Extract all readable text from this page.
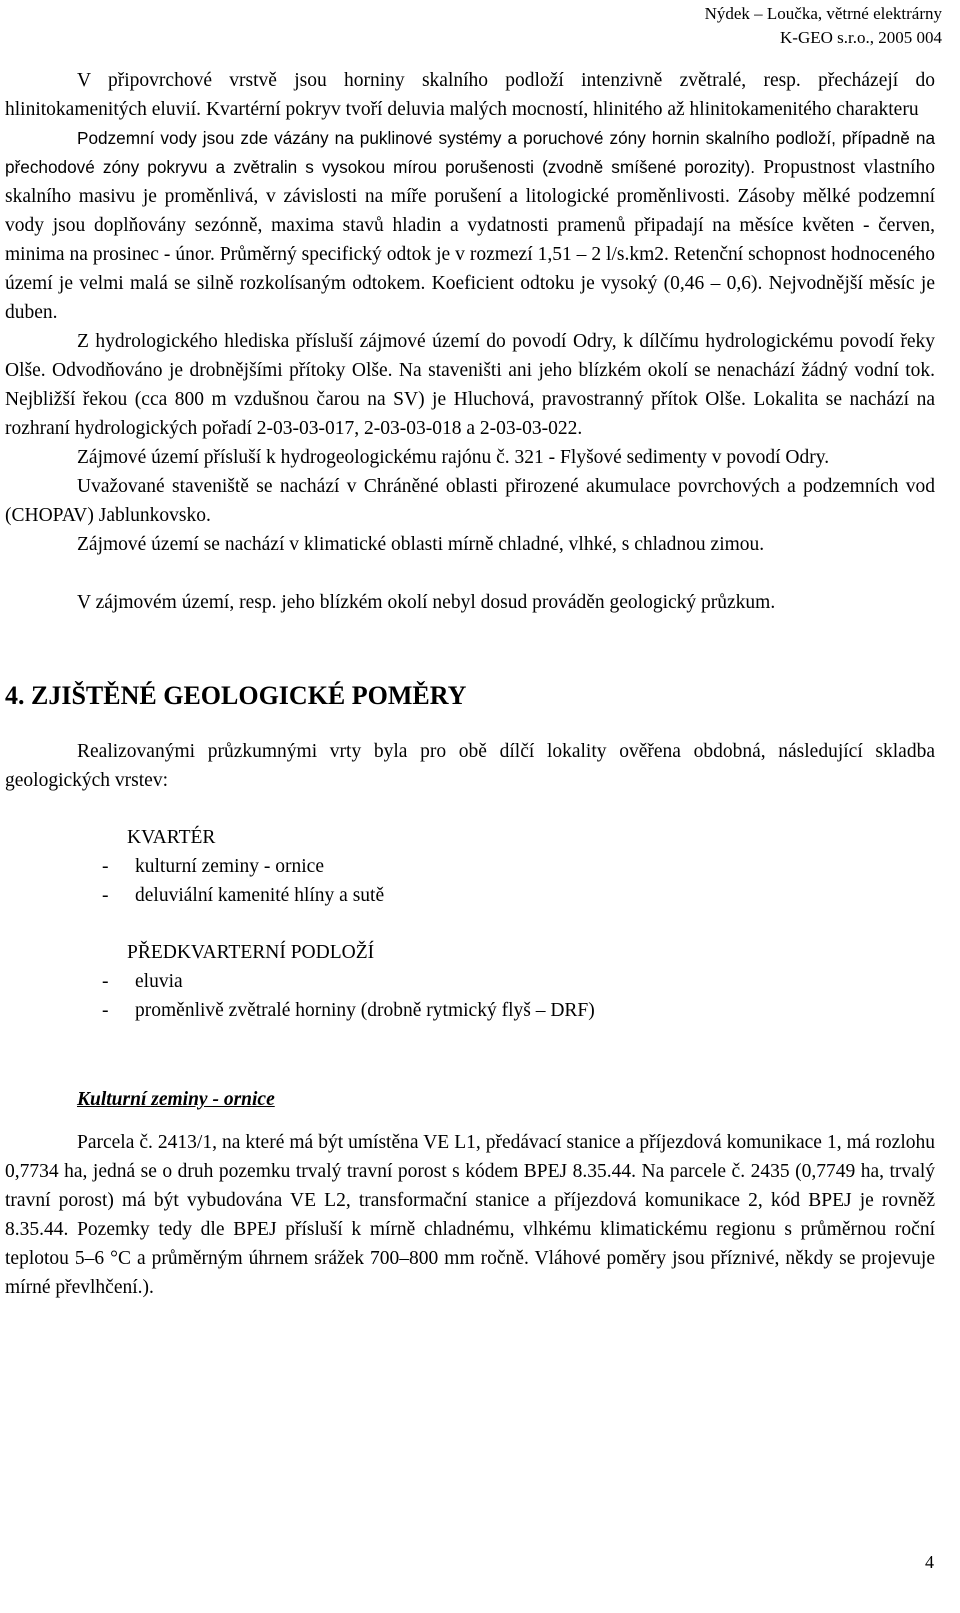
Nýdek – Loučka, větrné elektrárny
K-GEO s.r.o., 2005 004

V připovrchové vrstvě jsou horniny skalního podloží intenzivně zvětralé, resp. přecházejí do hlinitokamenitých eluvií. Kvartérní pokryv tvoří deluvia malých mocností, hlinitého až hlinitokamenitého charakteru

Podzemní vody jsou zde vázány na puklinové systémy a poruchové zóny hornin skalního podloží, případně na přechodové zóny pokryvu a zvětralin s vysokou mírou porušenosti (zvodně smíšené porozity). Propustnost vlastního skalního masivu je proměnlivá, v závislosti na míře porušení a litologické proměnlivosti. Zásoby mělké podzemní vody jsou doplňovány sezónně, maxima stavů hladin a vydatnosti pramenů připadají na měsíce květen - červen, minima na prosinec - únor. Průměrný specifický odtok je v rozmezí 1,51 – 2 l/s.km2. Retenční schopnost hodnoceného území je velmi malá se silně rozkolísaným odtokem. Koeficient odtoku je vysoký (0,46 – 0,6). Nejvodnější měsíc je duben.

Z hydrologického hlediska přísluší zájmové území do povodí Odry, k dílčímu hydrologickému povodí řeky Olše. Odvodňováno je drobnějšími přítoky Olše. Na staveništi ani jeho blízkém okolí se nenachází žádný vodní tok. Nejbližší řekou (cca 800 m vzdušnou čarou na SV) je Hluchová, pravostranný přítok Olše. Lokalita se nachází na rozhraní hydrologických pořadí 2-03-03-017, 2-03-03-018 a 2-03-03-022.

Zájmové území přísluší k hydrogeologickému rajónu č. 321 - Flyšové sedimenty v povodí Odry.

Uvažované staveniště se nachází v Chráněné oblasti přirozené akumulace povrchových a podzemních vod (CHOPAV) Jablunkovsko.

Zájmové území se nachází v klimatické oblasti mírně chladné, vlhké, s chladnou zimou.

V zájmovém území, resp. jeho blízkém okolí nebyl dosud prováděn geologický průzkum.

4. ZJIŠTĚNÉ GEOLOGICKÉ POMĚRY

Realizovanými průzkumnými vrty byla pro obě dílčí lokality ověřena obdobná, následující skladba geologických vrstev:

KVARTÉR
- kulturní zeminy - ornice
- deluviální kamenité hlíny a sutě
PŘEDKVARTERNÍ PODLOŽÍ
- eluvia
- proměnlivě zvětralé horniny (drobně rytmický flyš – DRF)
Kulturní zeminy - ornice

Parcela č. 2413/1, na které má být umístěna VE L1, předávací stanice a příjezdová komunikace 1, má rozlohu 0,7734 ha, jedná se o druh pozemku trvalý travní porost s kódem BPEJ 8.35.44. Na parcele č. 2435 (0,7749 ha, trvalý travní porost) má být vybudována VE L2, transformační stanice a příjezdová komunikace 2, kód BPEJ je rovněž 8.35.44. Pozemky tedy dle BPEJ přísluší k mírně chladnému, vlhkému klimatickému regionu s průměrnou roční teplotou 5–6 °C a průměrným úhrnem srážek 700–800 mm ročně. Vláhové poměry jsou příznivé, někdy se projevuje mírné převlhčení.).

4
